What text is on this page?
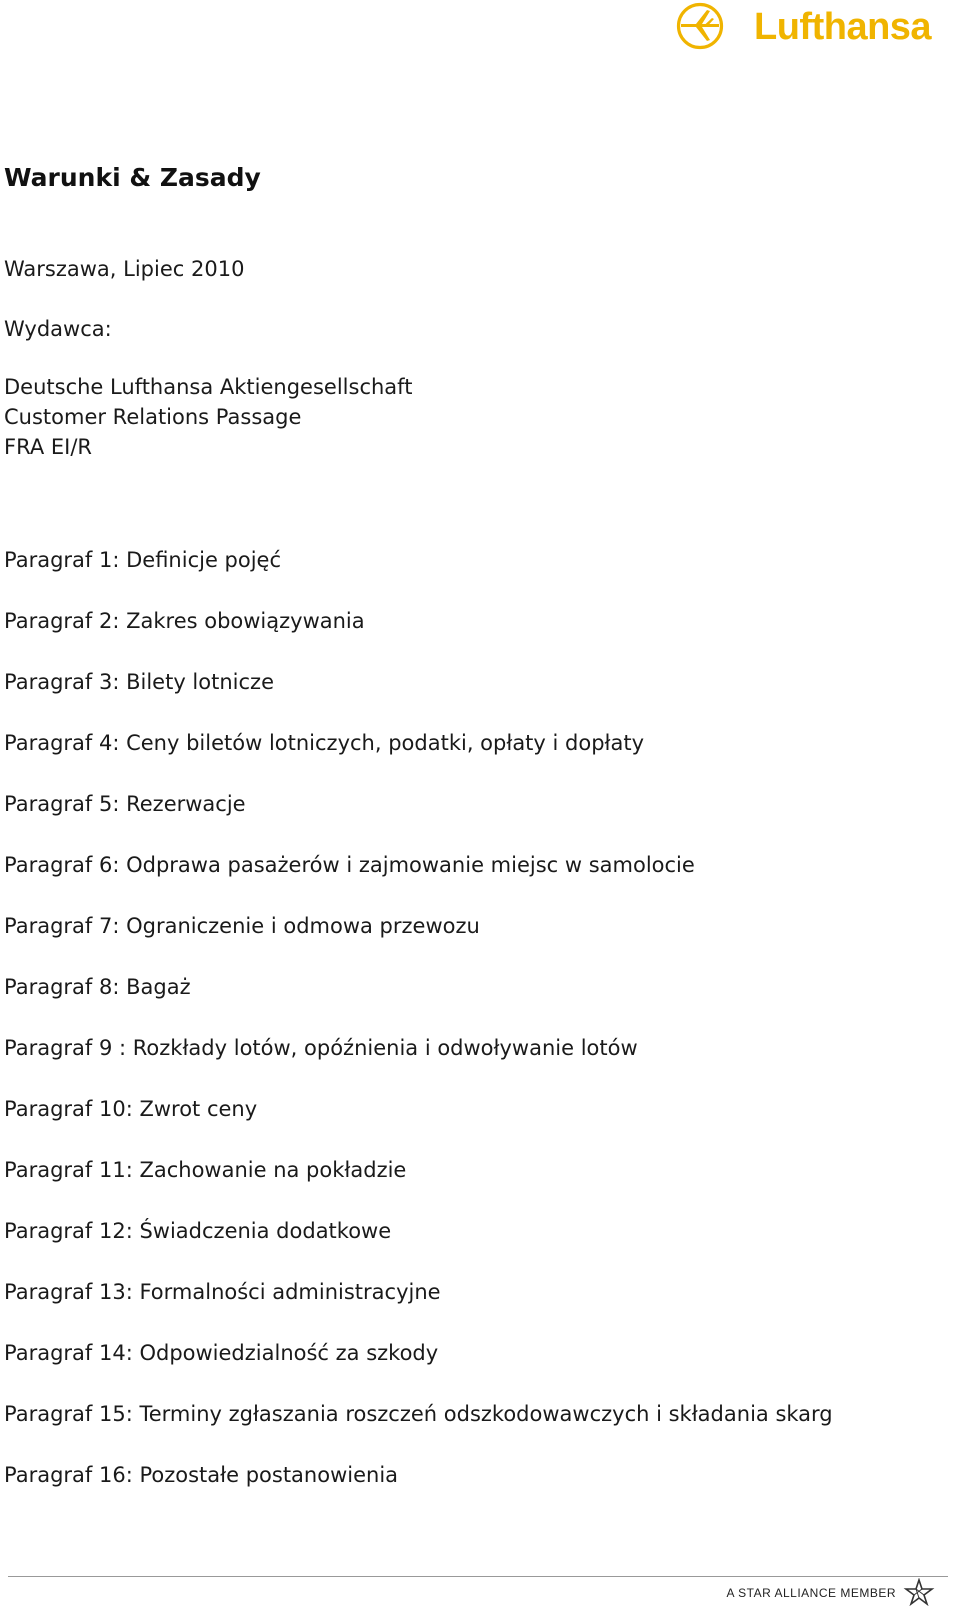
Lufthansa
Warunki & Zasady
Warszawa, Lipiec 2010
Wydawca:
Deutsche Lufthansa Aktiengesellschaft
Customer Relations Passage
FRA EI/R
Paragraf 1: Definicje pojęć
Paragraf 2: Zakres obowiązywania
Paragraf 3: Bilety lotnicze
Paragraf 4: Ceny biletów lotniczych, podatki, opłaty i dopłaty
Paragraf 5: Rezerwacje
Paragraf 6: Odprawa pasażerów i zajmowanie miejsc w samolocie
Paragraf 7: Ograniczenie i odmowa przewozu
Paragraf 8: Bagaż
Paragraf 9 : Rozkłady lotów, opóźnienia i odwoływanie lotów
Paragraf 10: Zwrot ceny
Paragraf 11: Zachowanie na pokładzie
Paragraf 12: Świadczenia dodatkowe
Paragraf 13: Formalności administracyjne
Paragraf 14: Odpowiedzialność za szkody
Paragraf 15: Terminy zgłaszania roszczeń odszkodowawczych i składania skarg
Paragraf 16: Pozostałe postanowienia
A STAR ALLIANCE MEMBER
